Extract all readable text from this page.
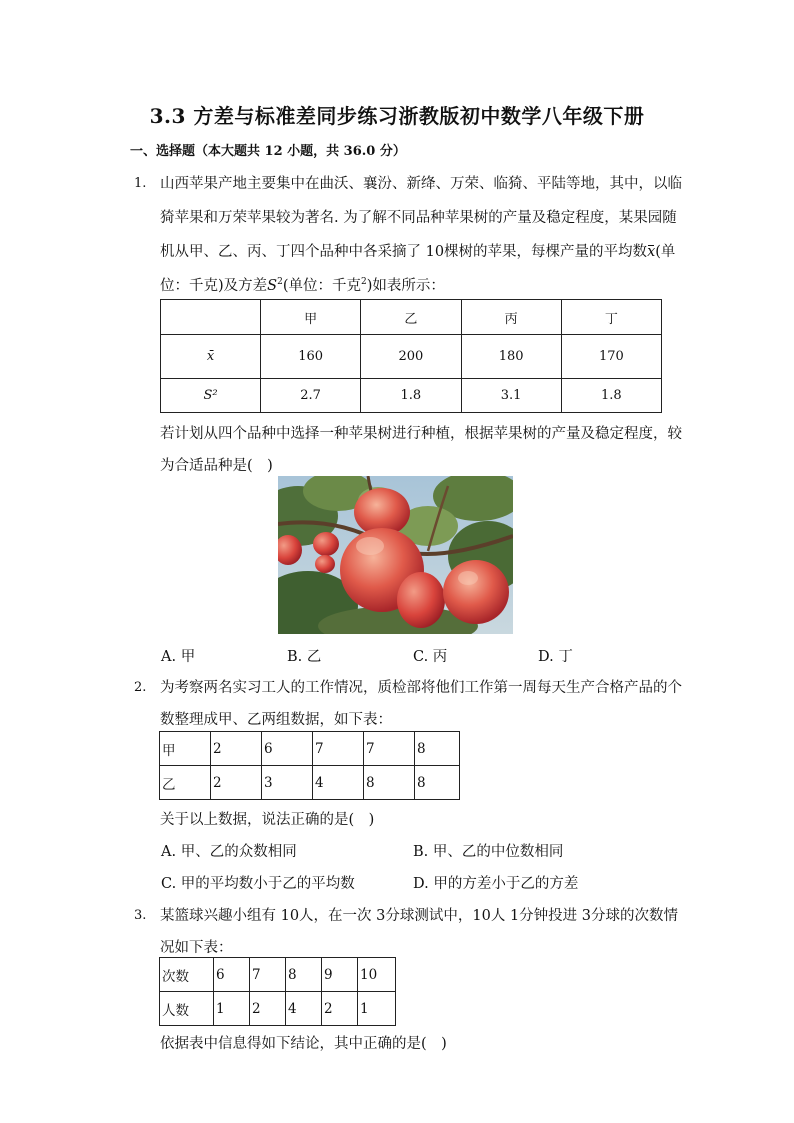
3.3 方差与标准差同步练习浙教版初中数学八年级下册
一、选择题（本大题共 12 小题，共 36.0 分）
1. 山西苹果产地主要集中在曲沃、襄汾、新绛、万荣、临猗、平陆等地，其中，以临
猗苹果和万荣苹果较为著名. 为了解不同品种苹果树的产量及稳定程度，某果园随
机从甲、乙、丙、丁四个品种中各采摘了 10棵树的苹果，每棵产量的平均数x(单
位：千克)及方差$S^2$(单位：千克$^2$)如表所示：
	甲	乙	丙	丁
x̄	160	200	180	170
S²	2.7	1.8	3.1	1.8
若计划从四个品种中选择一种苹果树进行种植，根据苹果树的产量及稳定程度，较
为合适品种是(　)
A. 甲	B. 乙	C. 丙	D. 丁
2. 为考察两名实习工人的工作情况，质检部将他们工作第一周每天生产合格产品的个
数整理成甲、乙两组数据，如下表：
甲	2	6	7	7	8
乙	2	3	4	8	8
关于以上数据，说法正确的是(　)
A. 甲、乙的众数相同	B. 甲、乙的中位数相同
C. 甲的平均数小于乙的平均数	D. 甲的方差小于乙的方差
3. 某篮球兴趣小组有 10人，在一次 3分球测试中，10人 1分钟投进 3分球的次数情
况如下表：
次数	6	7	8	9	10
人数	1	2	4	2	1
依据表中信息得如下结论，其中正确的是(　)
